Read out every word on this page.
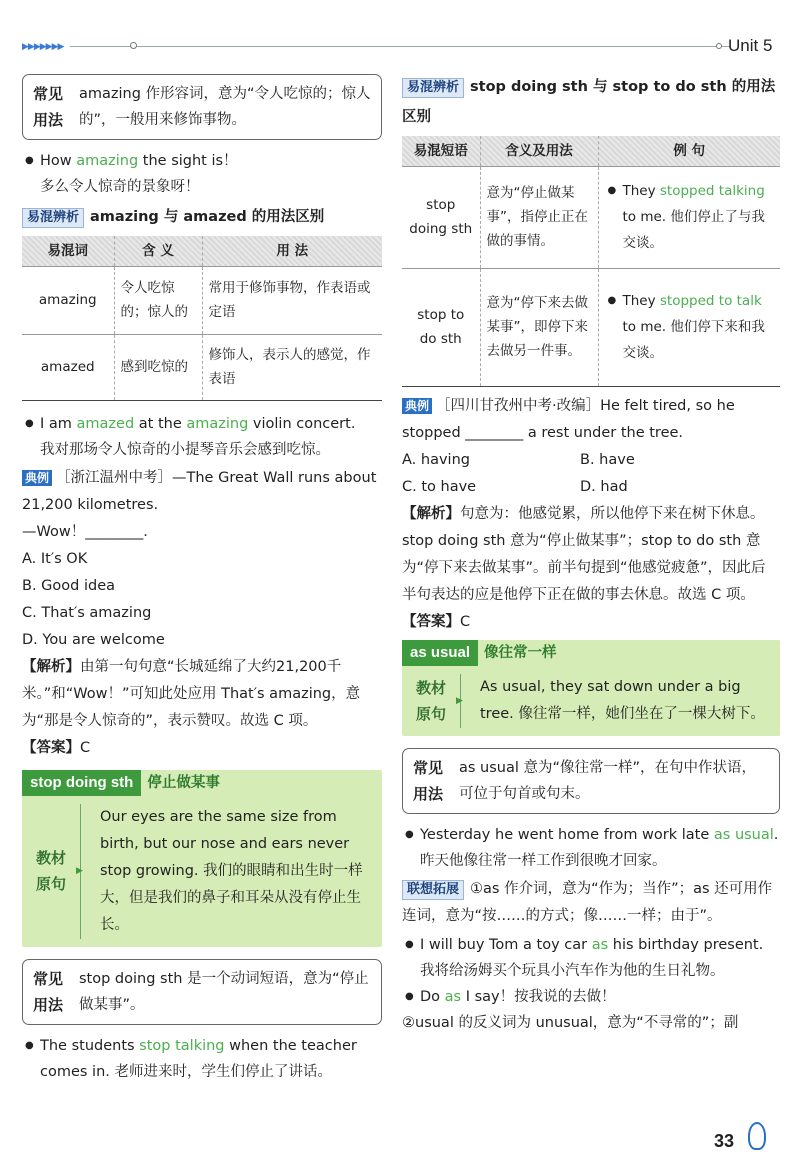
▶▶▶▶▶▶▶	Unit 5
常见用法
amazing 作形容词，意为“令人吃惊的；惊人的”，一般用来修饰事物。
● How amazing the sight is！
多么令人惊奇的景象呀！
易混辨析 amazing 与 amazed 的用法区别
易混词	含 义	用 法
amazing	令人吃惊的；惊人的	常用于修饰事物，作表语或定语
amazed	感到吃惊的	修饰人，表示人的感觉，作表语
● I am amazed at the amazing violin concert.
我对那场令人惊奇的小提琴音乐会感到吃惊。
典例 ［浙江温州中考］—The Great Wall runs about 21,200 kilometres.
—Wow！________.
A. It′s OK
B. Good idea
C. That′s amazing
D. You are welcome
【解析】由第一句句意“长城延绵了大约21,200千米。”和“Wow！”可知此处应用 That′s amazing，意为“那是令人惊奇的”，表示赞叹。故选 C 项。
【答案】C
stop doing sth 停止做某事
教材原句
▶
Our eyes are the same size from birth, but our nose and ears never stop growing. 我们的眼睛和出生时一样大，但是我们的鼻子和耳朵从没有停止生长。
常见用法
stop doing sth 是一个动词短语，意为“停止做某事”。
● The students stop talking when the teacher comes in. 老师进来时，学生们停止了讲话。
易混辨析 stop doing sth 与 stop to do sth 的用法区别
易混短语	含义及用法	例 句
stop doing sth	意为“停止做某事”，指停止正在做的事情。	● They stopped talking to me. 他们停止了与我交谈。

stop to do sth	意为“停下来去做某事”，即停下来去做另一件事。	● They stopped to talk to me. 他们停下来和我交谈。
典例 ［四川甘孜州中考·改编］He felt tired, so he stopped ________ a rest under the tree.
A. having	B. have
C. to have	D. had
【解析】句意为：他感觉累，所以他停下来在树下休息。stop doing sth 意为“停止做某事”；stop to do sth 意为“停下来去做某事”。前半句提到“他感觉疲惫”，因此后半句表达的应是他停下正在做的事去休息。故选 C 项。
【答案】C
as usual 像往常一样
教材原句
▶
As usual, they sat down under a big tree. 像往常一样，她们坐在了一棵大树下。
常见用法
as usual 意为“像往常一样”，在句中作状语，可位于句首或句末。
● Yesterday he went home from work late as usual. 昨天他像往常一样工作到很晚才回家。
联想拓展 ①as 作介词，意为“作为；当作”；as 还可用作连词，意为“按……的方式；像……一样；由于”。
● I will buy Tom a toy car as his birthday present.
我将给汤姆买个玩具小汽车作为他的生日礼物。
● Do as I say！按我说的去做！
②usual 的反义词为 unusual，意为“不寻常的”；副
33
